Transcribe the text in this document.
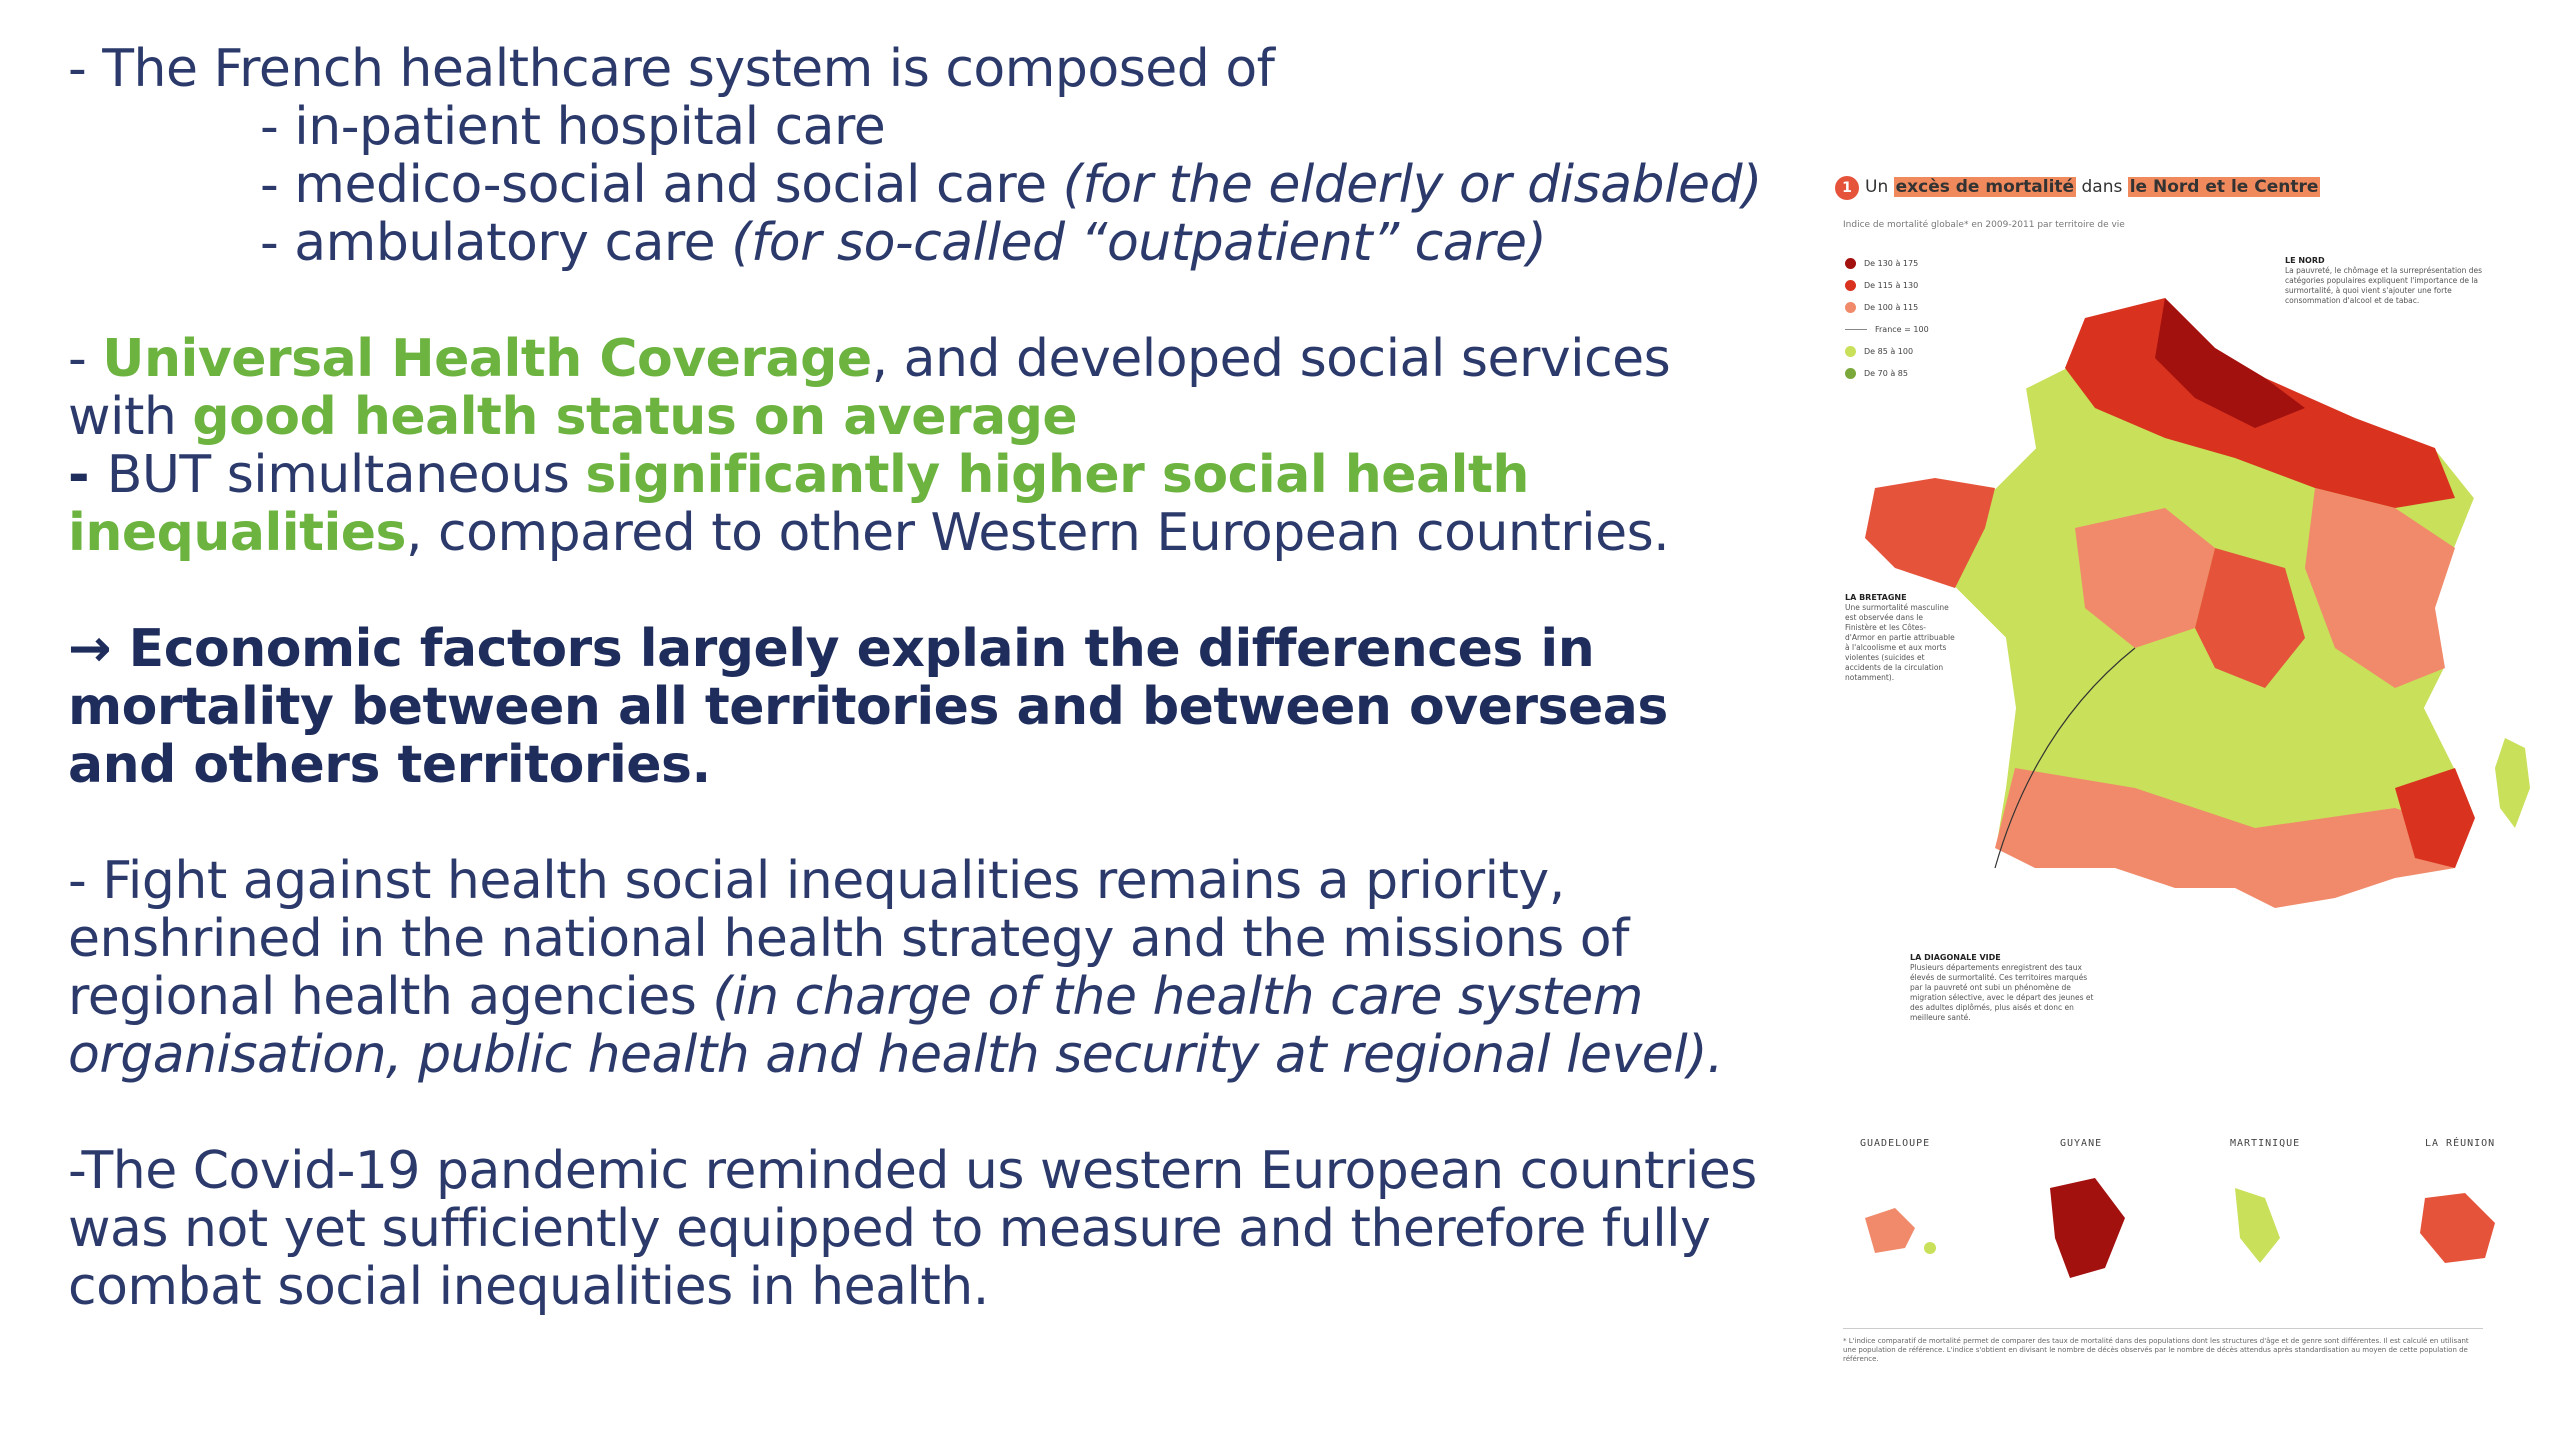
- The French healthcare system is composed of

- in-patient hospital care

- medico-social and social care (for the elderly or disabled)

- ambulatory care (for so-called “outpatient” care)

- Universal Health Coverage, and developed social services with good health status on average

- BUT simultaneous significantly higher social health inequalities, compared to other Western European countries.

→ Economic factors largely explain the differences in mortality between all territories and between overseas and others territories.

- Fight against health social inequalities remains a priority, enshrined in the national health strategy and the missions of regional health agencies (in charge of the health care system organisation, public health and health security at regional level).

-The Covid-19 pandemic reminded us western European countries was not yet sufficiently equipped to measure and therefore fully combat social inequalities in health.

1 Un excès de mortalité dans le Nord et le Centre
Indice de mortalité globale* en 2009-2011 par territoire de vie
De 130 à 175
De 115 à 130
De 100 à 115
France = 100
De 85 à 100
De 70 à 85
LE NORD
La pauvreté, le chômage et la surreprésentation des catégories populaires expliquent l'importance de la surmortalité, à quoi vient s'ajouter une forte consommation d'alcool et de tabac.
LA BRETAGNE
Une surmortalité masculine est observée dans le Finistère et les Côtes-d'Armor en partie attribuable à l'alcoolisme et aux morts violentes (suicides et accidents de la circulation notamment).
LA DIAGONALE VIDE
Plusieurs départements enregistrent des taux élevés de surmortalité. Ces territoires marqués par la pauvreté ont subi un phénomène de migration sélective, avec le départ des jeunes et des adultes diplômés, plus aisés et donc en meilleure santé.
GUADELOUPE	GUYANE	MARTINIQUE	LA RÉUNION
* L'indice comparatif de mortalité permet de comparer des taux de mortalité dans des populations dont les structures d'âge et de genre sont différentes. Il est calculé en utilisant une population de référence. L'indice s'obtient en divisant le nombre de décès observés par le nombre de décès attendus après standardisation au moyen de cette population de référence.
